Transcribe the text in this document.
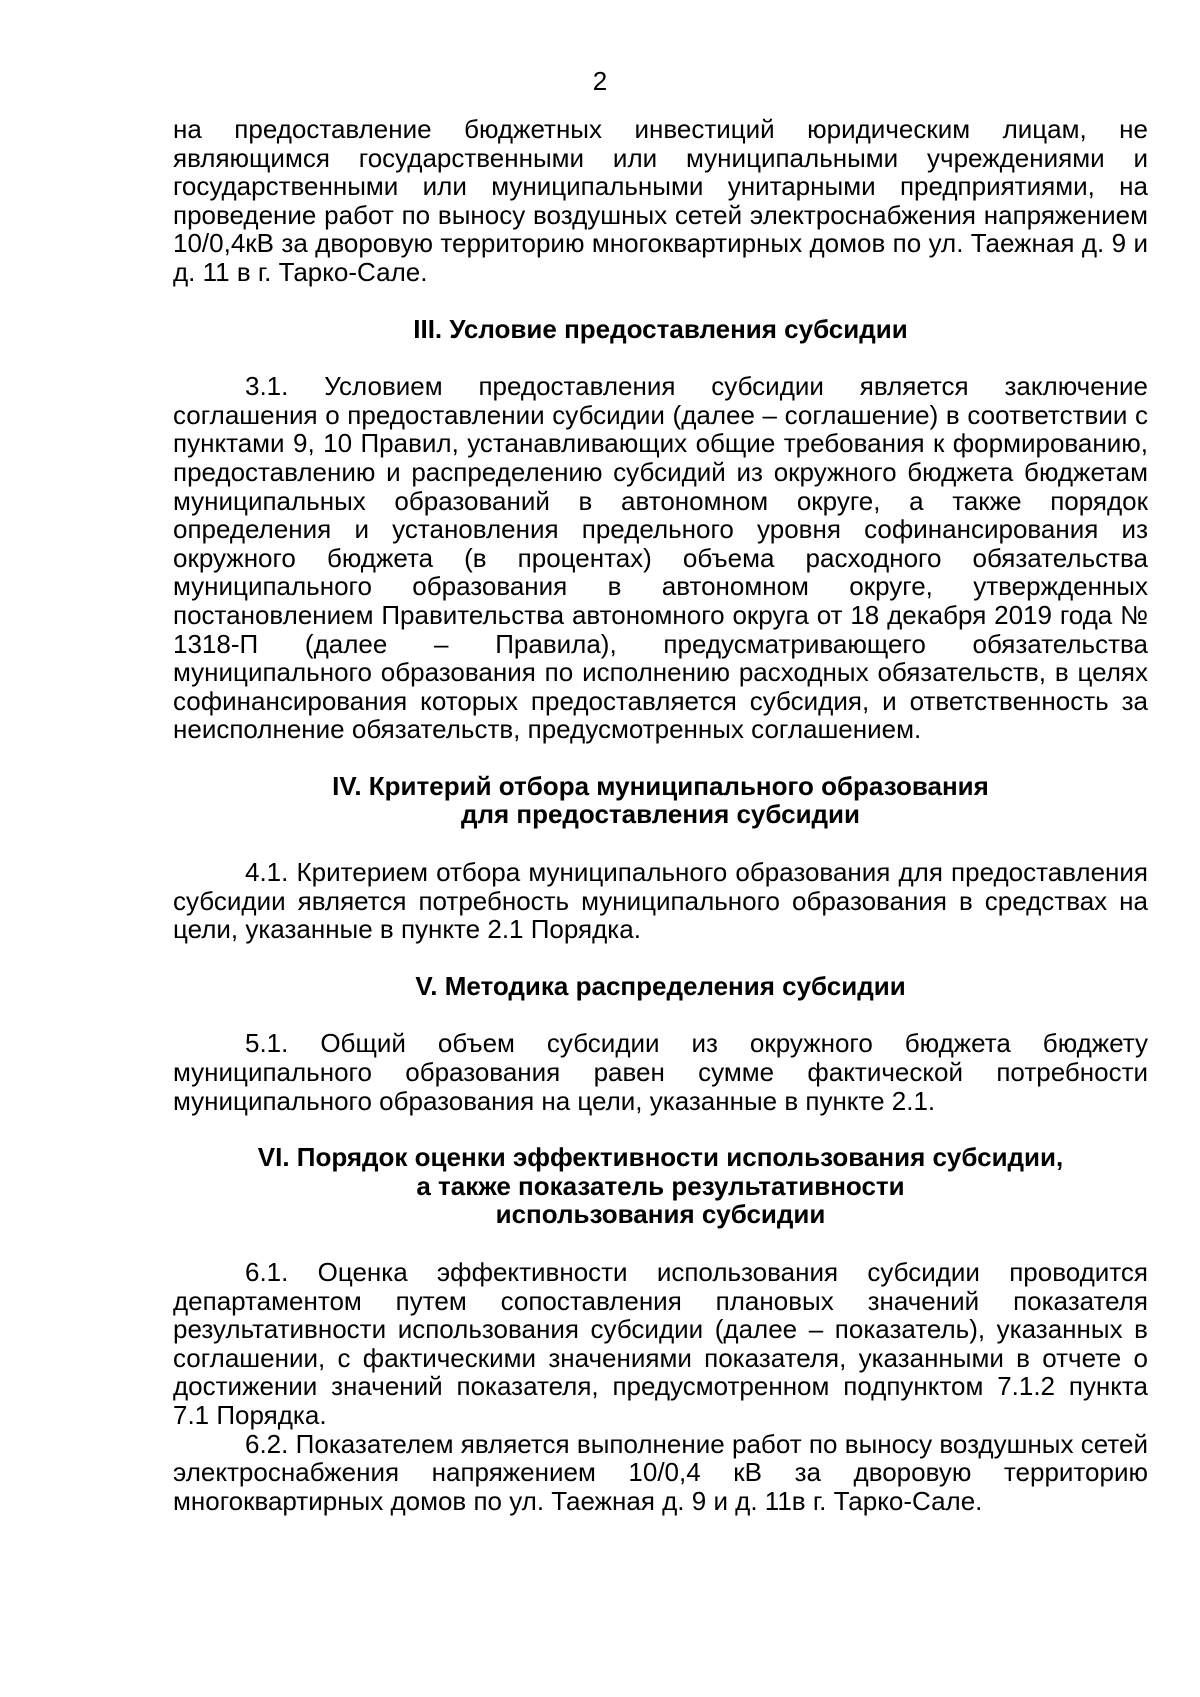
2

на предоставление бюджетных инвестиций юридическим лицам, не являющимся государственными или муниципальными учреждениями и государственными или муниципальными унитарными предприятиями, на проведение работ по выносу воздушных сетей электроснабжения напряжением 10/0,4кВ за дворовую территорию многоквартирных домов по ул. Таежная д. 9 и д. 11 в г. Тарко-Сале.

III. Условие предоставления субсидии

3.1. Условием предоставления субсидии является заключение соглашения о предоставлении субсидии (далее – соглашение) в соответствии с пунктами 9, 10 Правил, устанавливающих общие требования к формированию, предоставлению и распределению субсидий из окружного бюджета бюджетам муниципальных образований в автономном округе, а также порядок определения и установления предельного уровня софинансирования из окружного бюджета (в процентах) объема расходного обязательства муниципального образования в автономном округе, утвержденных постановлением Правительства автономного округа от 18 декабря 2019 года № 1318-П (далее – Правила), предусматривающего обязательства муниципального образования по исполнению расходных обязательств, в целях софинансирования которых предоставляется субсидия, и ответственность за неисполнение обязательств, предусмотренных соглашением.

IV. Критерий отбора муниципального образования
для предоставления субсидии

4.1. Критерием отбора муниципального образования для предоставления субсидии является потребность муниципального образования в средствах на цели, указанные в пункте 2.1 Порядка.

V. Методика распределения субсидии

5.1. Общий объем субсидии из окружного бюджета бюджету муниципального образования равен сумме фактической потребности муниципального образования на цели, указанные в пункте 2.1.

VI. Порядок оценки эффективности использования субсидии,
а также показатель результативности
использования субсидии

6.1. Оценка эффективности использования субсидии проводится департаментом путем сопоставления плановых значений показателя результативности использования субсидии (далее – показатель), указанных в соглашении, с фактическими значениями показателя, указанными в отчете о достижении значений показателя, предусмотренном подпунктом 7.1.2 пункта 7.1 Порядка.

6.2. Показателем является выполнение работ по выносу воздушных сетей электроснабжения напряжением 10/0,4 кВ за дворовую территорию многоквартирных домов по ул. Таежная д. 9 и д. 11в г. Тарко-Сале.
